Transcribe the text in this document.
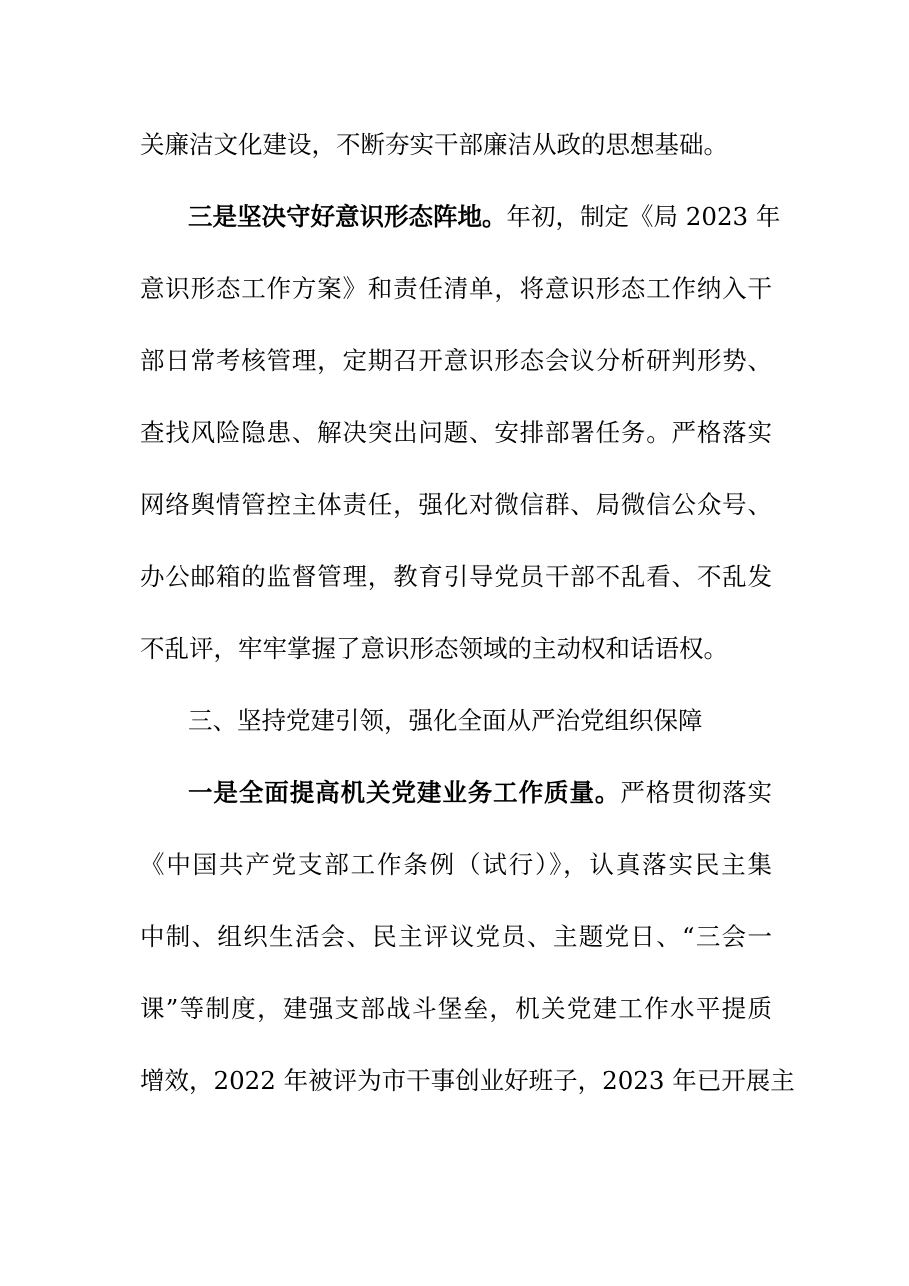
关廉洁文化建设，不断夯实干部廉洁从政的思想基础。
三是坚决守好意识形态阵地。年初，制定《局 2023 年
意识形态工作方案》和责任清单，将意识形态工作纳入干
部日常考核管理，定期召开意识形态会议分析研判形势、
查找风险隐患、解决突出问题、安排部署任务。严格落实
网络舆情管控主体责任，强化对微信群、局微信公众号、
办公邮箱的监督管理，教育引导党员干部不乱看、不乱发
不乱评，牢牢掌握了意识形态领域的主动权和话语权。
三、坚持党建引领，强化全面从严治党组织保障
一是全面提高机关党建业务工作质量。严格贯彻落实
《中国共产党支部工作条例（试行）》，认真落实民主集
中制、组织生活会、民主评议党员、主题党日、“三会一
课”等制度，建强支部战斗堡垒，机关党建工作水平提质
增效，2022 年被评为市干事创业好班子，2023 年已开展主
